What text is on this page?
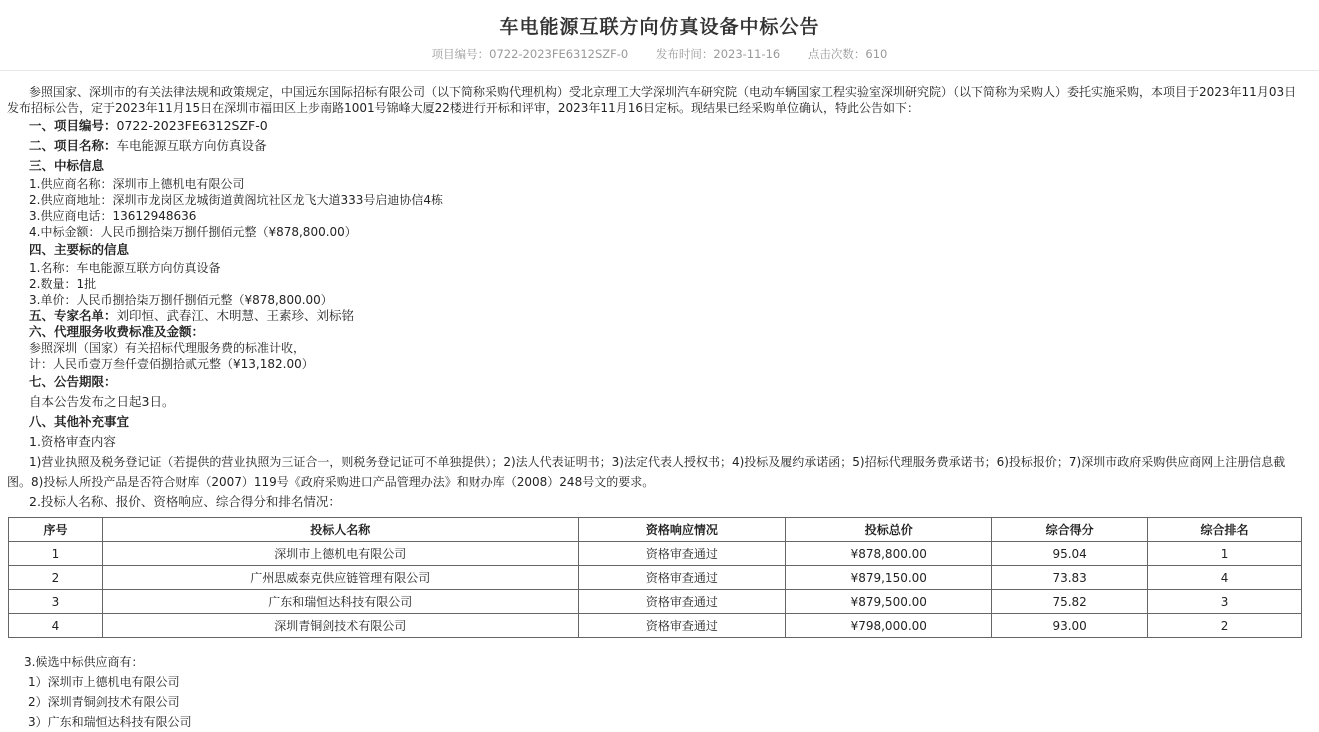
车电能源互联方向仿真设备中标公告
项目编号：0722-2023FE6312SZF-0 发布时间：2023-11-16 点击次数：610

参照国家、深圳市的有关法律法规和政策规定，中国远东国际招标有限公司（以下简称采购代理机构）受北京理工大学深圳汽车研究院（电动车辆国家工程实验室深圳研究院）（以下简称为采购人）委托实施采购，本项目于2023年11月03日发布招标公告，定于2023年11月15日在深圳市福田区上步南路1001号锦峰大厦22楼进行开标和评审，2023年11月16日定标。现结果已经采购单位确认，特此公告如下：

一、项目编号：0722-2023FE6312SZF-0
二、项目名称：车电能源互联方向仿真设备
三、中标信息
1.供应商名称：深圳市上德机电有限公司
2.供应商地址：深圳市龙岗区龙城街道黄阁坑社区龙飞大道333号启迪协信4栋
3.供应商电话：13612948636
4.中标金额：人民币捌拾柒万捌仟捌佰元整（¥878,800.00）
四、主要标的信息
1.名称：车电能源互联方向仿真设备
2.数量：1批
3.单价：人民币捌拾柒万捌仟捌佰元整（¥878,800.00）
五、专家名单：刘印恒、武春江、木明慧、王素珍、刘标铭
六、代理服务收费标准及金额：
参照深圳（国家）有关招标代理服务费的标准计收，
计：人民币壹万叁仟壹佰捌拾贰元整（¥13,182.00）
七、公告期限：
自本公告发布之日起3日。
八、其他补充事宜
1.资格审查内容
1)营业执照及税务登记证（若提供的营业执照为三证合一，则税务登记证可不单独提供）；2)法人代表证明书；3)法定代表人授权书；4)投标及履约承诺函；5)招标代理服务费承诺书；6)投标报价；7)深圳市政府采购供应商网上注册信息截图。8)投标人所投产品是否符合财库（2007）119号《政府采购进口产品管理办法》和财办库（2008）248号文的要求。
2.投标人名称、报价、资格响应、综合得分和排名情况：
序号	投标人名称	资格响应情况	投标总价	综合得分	综合排名
1	深圳市上德机电有限公司	资格审查通过	¥878,800.00	95.04	1
2	广州思威泰克供应链管理有限公司	资格审查通过	¥879,150.00	73.83	4
3	广东和瑞恒达科技有限公司	资格审查通过	¥879,500.00	75.82	3
4	深圳青铜剑技术有限公司	资格审查通过	¥798,000.00	93.00	2
3.候选中标供应商有：
1）深圳市上德机电有限公司
2）深圳青铜剑技术有限公司
3）广东和瑞恒达科技有限公司
